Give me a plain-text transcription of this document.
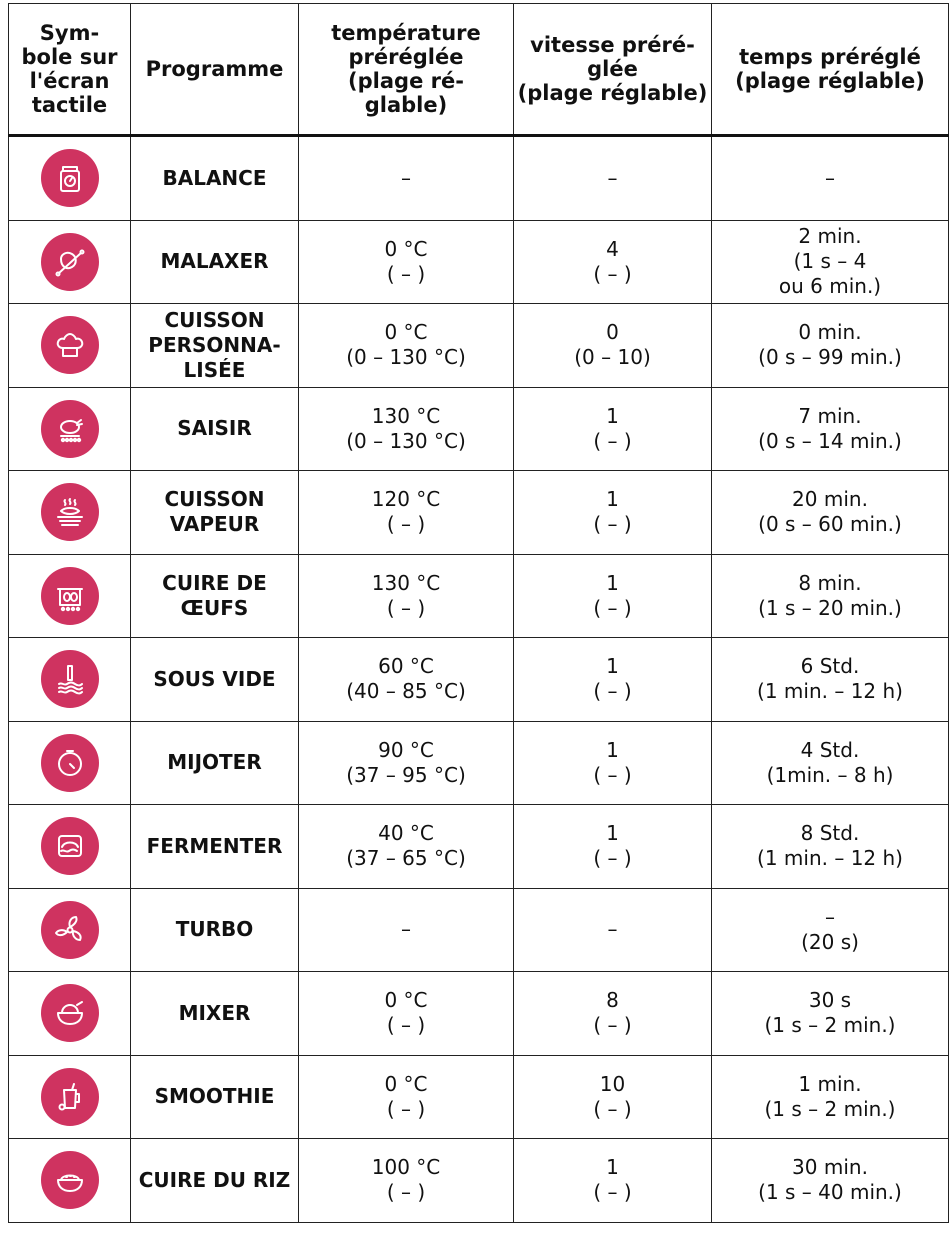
Sym-
bole sur
l'écran
tactile	Programme	température
préréglée
(plage ré-
glable)	vitesse préré-
glée
(plage réglable)	temps préréglé
(plage réglable)

BALANCE	–	–	–

MALAXER	0 °C
( – )	4
( – )	2 min.
(1 s – 4
ou 6 min.)

CUISSON
PERSONNA-
LISÉE	0 °C
(0 – 130 °C)	0
(0 – 10)	0 min.
(0 s – 99 min.)

SAISIR	130 °C
(0 – 130 °C)	1
( – )	7 min.
(0 s – 14 min.)

CUISSON
VAPEUR	120 °C
( – )	1
( – )	20 min.
(0 s – 60 min.)

CUIRE DE
ŒUFS	130 °C
( – )	1
( – )	8 min.
(1 s – 20 min.)

SOUS VIDE	60 °C
(40 – 85 °C)	1
( – )	6 Std.
(1 min. – 12 h)

MIJOTER	90 °C
(37 – 95 °C)	1
( – )	4 Std.
(1min. – 8 h)

FERMENTER	40 °C
(37 – 65 °C)	1
( – )	8 Std.
(1 min. – 12 h)

TURBO	–	–	–
(20 s)

MIXER	0 °C
( – )	8
( – )	30 s
(1 s – 2 min.)

SMOOTHIE	0 °C
( – )	10
( – )	1 min.
(1 s – 2 min.)

CUIRE DU RIZ	100 °C
( – )	1
( – )	30 min.
(1 s – 40 min.)
